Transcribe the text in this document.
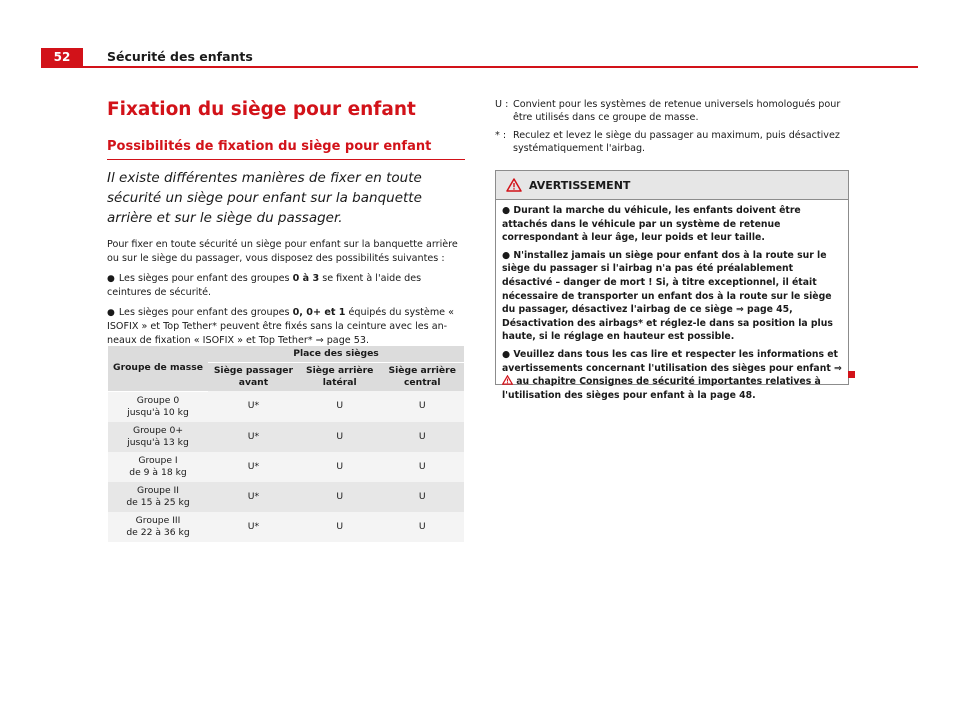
52	Sécurité des enfants
Fixation du siège pour enfant
Possibilités de fixation du siège pour enfant
Il existe différentes manières de fixer en toute sécurité un siège pour enfant sur la banquette arrière et sur le siège du passager.
Pour fixer en toute sécurité un siège pour enfant sur la banquette arrière ou sur le siège du passager, vous disposez des possibilités suivantes :
● Les sièges pour enfant des groupes 0 à 3 se fixent à l'aide des ceintures de sécurité.
● Les sièges pour enfant des groupes 0, 0+ et 1 équipés du système « ISOFIX » et Top Tether* peuvent être fixés sans la ceinture avec les anneaux de fixation « ISOFIX » et Top Tether* ⇒ page 53.
Groupe de masse	Place des sièges		
	Siège passager avant	Siège arrière latéral	Siège arrière central
Groupe 0
jusqu'à 10 kg	U*	U	U
Groupe 0+
jusqu'à 13 kg	U*	U	U
Groupe I
de 9 à 18 kg	U*	U	U
Groupe II
de 15 à 25 kg	U*	U	U
Groupe III
de 22 à 36 kg	U*	U	U
U : Convient pour les systèmes de retenue universels homologués pour être utilisés dans ce groupe de masse.
* : Reculez et levez le siège du passager au maximum, puis désactivez systématiquement l'airbag.
AVERTISSEMENT
● Durant la marche du véhicule, les enfants doivent être attachés dans le véhicule par un système de retenue correspondant à leur âge, leur poids et leur taille.
● N'installez jamais un siège pour enfant dos à la route sur le siège du passager si l'airbag n'a pas été préalablement désactivé – danger de mort ! Si, à titre exceptionnel, il était nécessaire de transporter un enfant dos à la route sur le siège du passager, désactivez l'airbag de ce siège ⇒ page 45, Désactivation des airbags* et réglez-le dans sa position la plus haute, si le réglage en hauteur est possible.
● Veuillez dans tous les cas lire et respecter les informations et avertissements concernant l'utilisation des sièges pour enfant ⇒  au chapitre Consignes de sécurité importantes relatives à l'utilisation des sièges pour enfant à la page 48.
